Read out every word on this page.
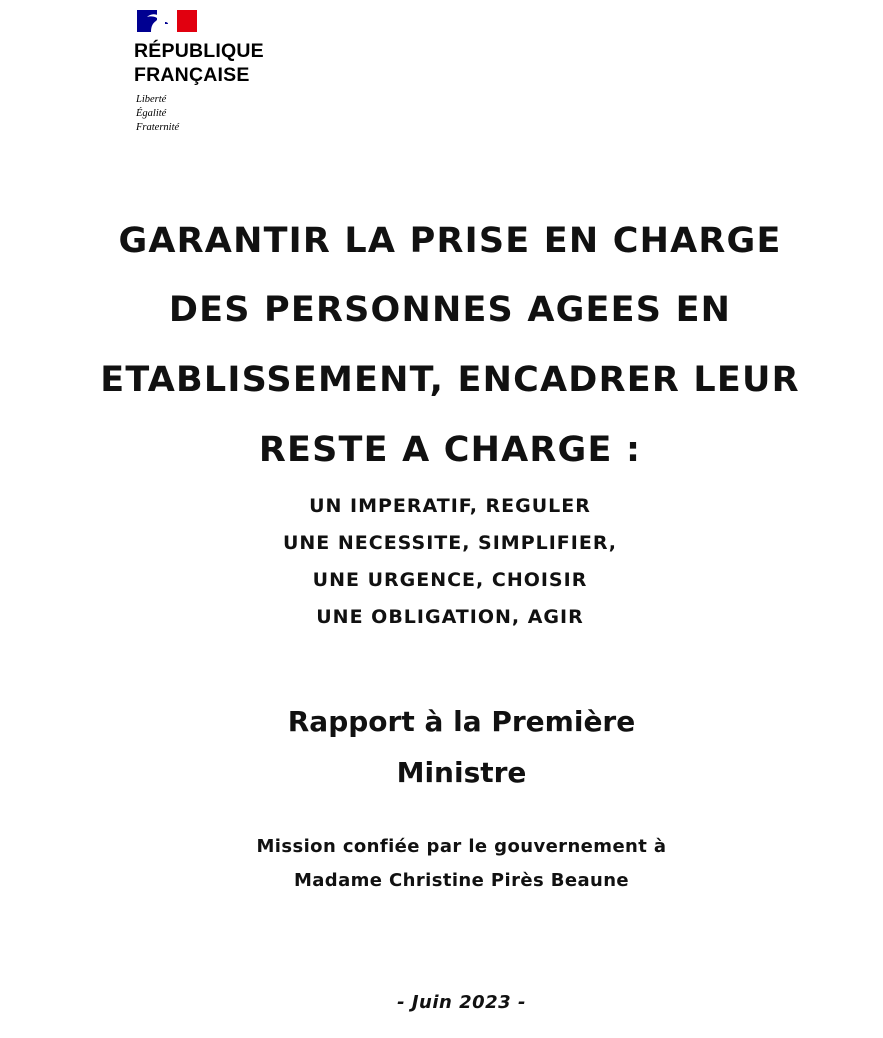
RÉPUBLIQUE
FRANÇAISE
Liberté
Égalité
Fraternité
GARANTIR LA PRISE EN CHARGE
DES PERSONNES AGEES EN
ETABLISSEMENT, ENCADRER LEUR
RESTE A CHARGE :
UN IMPERATIF, REGULER
UNE NECESSITE, SIMPLIFIER,
UNE URGENCE, CHOISIR
UNE OBLIGATION, AGIR
Rapport à la Première
Ministre
Mission confiée par le gouvernement à
Madame Christine Pirès Beaune
- Juin 2023 -
